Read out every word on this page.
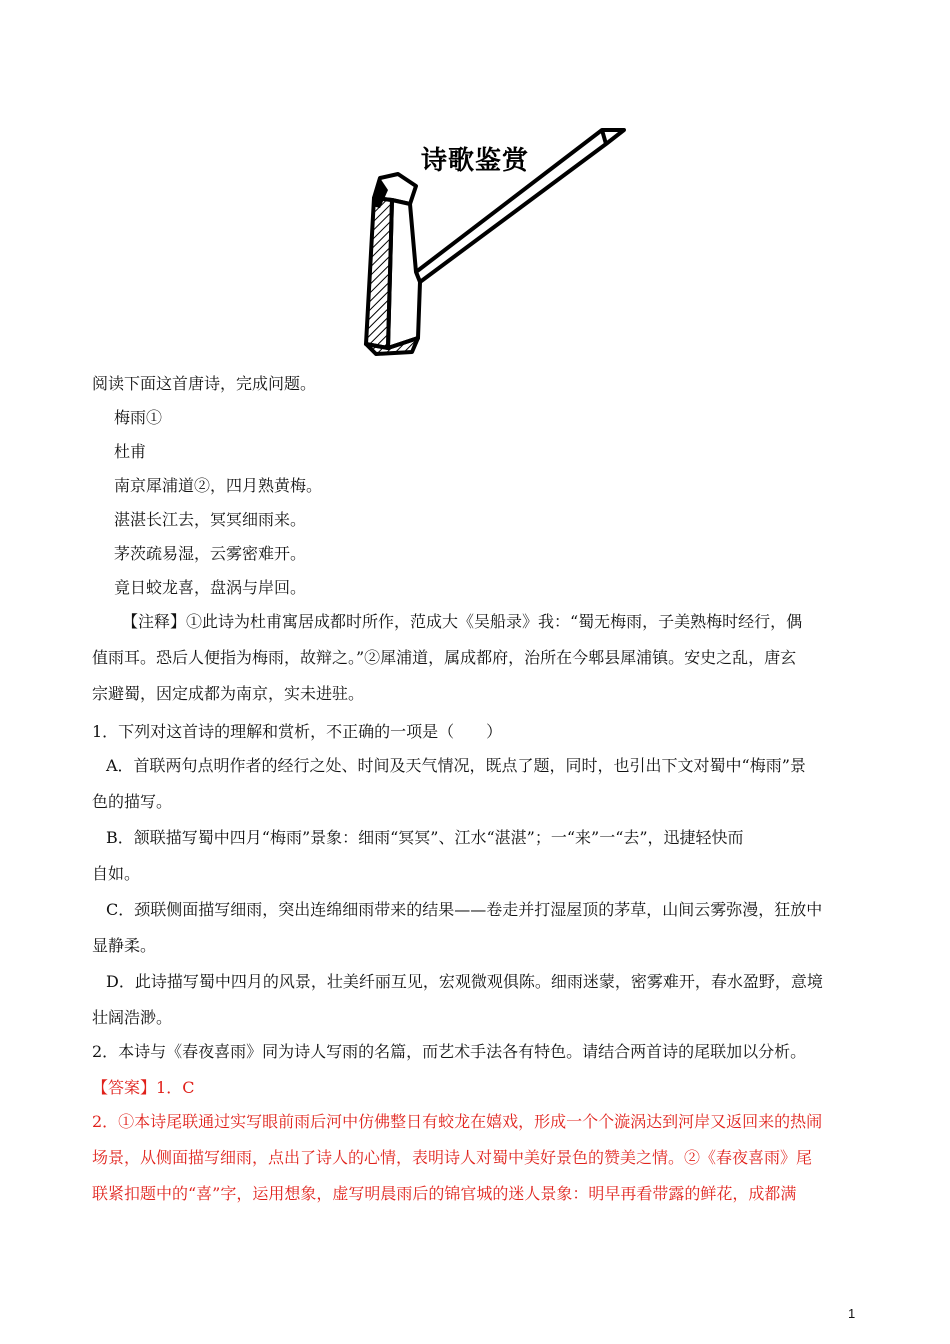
诗歌鉴赏
阅读下面这首唐诗，完成问题。
梅雨①
杜甫
南京犀浦道②，四月熟黄梅。
湛湛长江去，冥冥细雨来。
茅茨疏易湿，云雾密难开。
竟日蛟龙喜，盘涡与岸回。
【注释】①此诗为杜甫寓居成都时所作，范成大《吴船录》我：“蜀无梅雨，子美熟梅时经行，偶
值雨耳。恐后人便指为梅雨，故辩之。”②犀浦道，属成都府，治所在今郫县犀浦镇。安史之乱，唐玄
宗避蜀，因定成都为南京，实未进驻。
1．下列对这首诗的理解和赏析，不正确的一项是（　　）
A．首联两句点明作者的经行之处、时间及天气情况，既点了题，同时，也引出下文对蜀中“梅雨”景
色的描写。
B．颔联描写蜀中四月“梅雨”景象：细雨“冥冥”、江水“湛湛”；一“来”一“去”，迅捷轻快而
自如。
C．颈联侧面描写细雨，突出连绵细雨带来的结果——卷走并打湿屋顶的茅草，山间云雾弥漫，狂放中
显静柔。
D．此诗描写蜀中四月的风景，壮美纤丽互见，宏观微观俱陈。细雨迷蒙，密雾难开，春水盈野，意境
壮阔浩渺。
2．本诗与《春夜喜雨》同为诗人写雨的名篇，而艺术手法各有特色。请结合两首诗的尾联加以分析。
【答案】1．C
2．①本诗尾联通过实写眼前雨后河中仿佛整日有蛟龙在嬉戏，形成一个个漩涡达到河岸又返回来的热闹
场景，从侧面描写细雨，点出了诗人的心情，表明诗人对蜀中美好景色的赞美之情。②《春夜喜雨》尾
联紧扣题中的“喜”字，运用想象，虚写明晨雨后的锦官城的迷人景象：明早再看带露的鲜花，成都满
1
